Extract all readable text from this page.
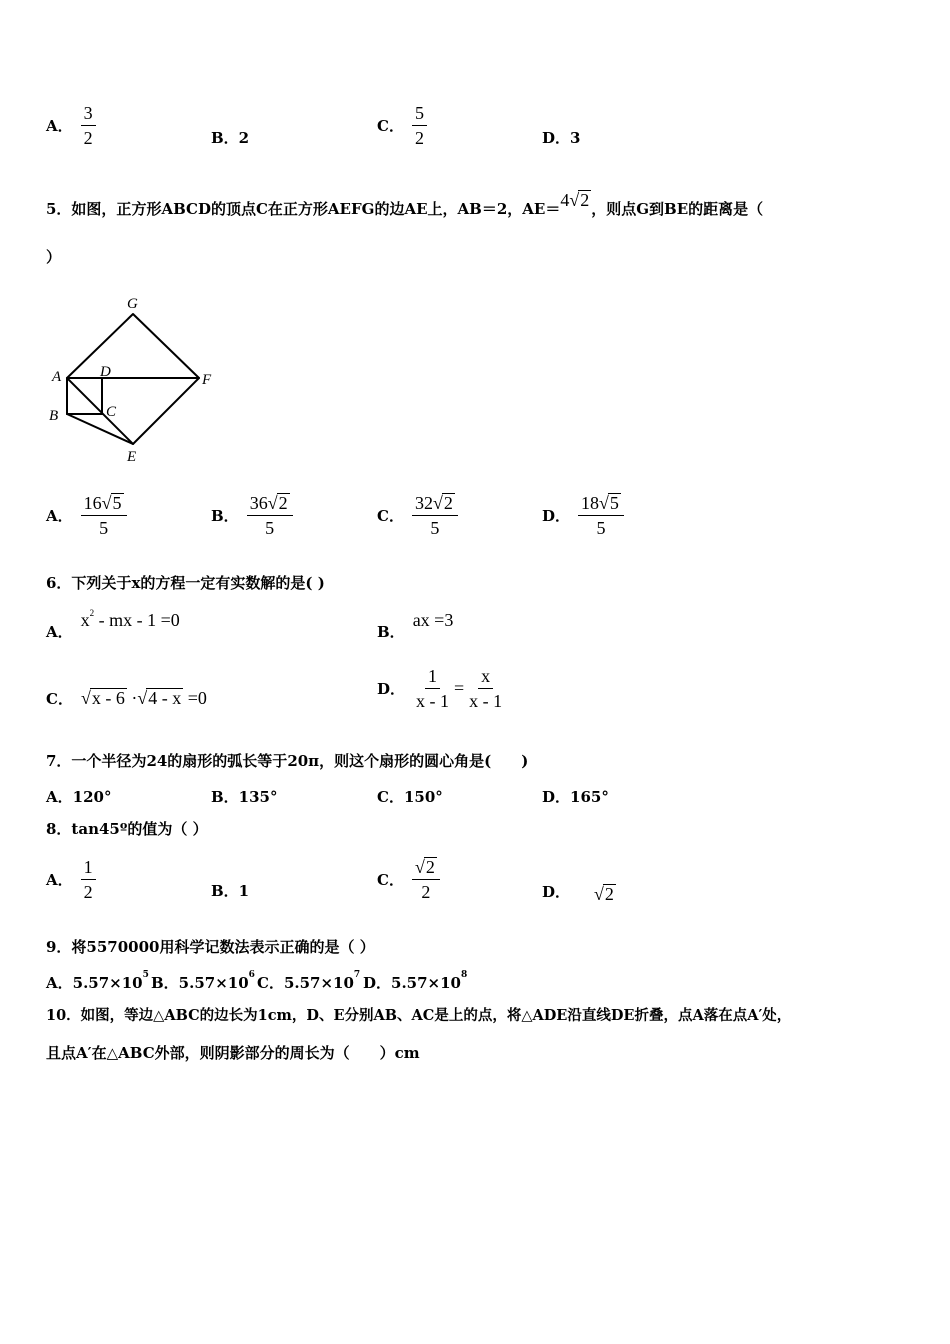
A． $\frac{3}{2}$	B．2
C． $\frac{5}{2}$	D．3
5．如图，正方形ABCD的顶点C在正方形AEFG的边AE上，AB＝2，AE＝4 √ 2 ，则点G到BE的距离是（
）
G
A	D	F
B	C
E
A． $\frac{16 √ 5}{5}$	B． $\frac{36 √ 2}{5}$	C． $\frac{32 √ 2}{5}$	D． $\frac{18 √ 5}{5}$
6．下列关于x的方程一定有实数解的是( )
A．
$x^2$ - mx - 1 =0
B．
ax =3
C． √ x - 6 · √ 4 - x =0	D． $\frac{1}{x - 1} = \frac{x}{x - 1}$
7．一个半径为24的扇形的弧长等于20π，则这个扇形的圆心角是(　　)
A．120°	B．135°	C．150°	D．165°
8．tan45º的值为（ ）
A． $\frac{1}{2}$	B．1
C． $\frac{√ 2}{2}$	D． √ 2
9．将5570000用科学记数法表示正确的是（ ）
A．$5.57\times 10^5$ B．$5.57\times 10^6$ C．$5.57\times 10^7$ D．$5.57\times 10^8$
10．如图，等边△ABC的边长为1cm，D、E分别AB、AC是上的点，将△ADE沿直线DE折叠，点A落在点A′处，
且点A′在△ABC外部，则阴影部分的周长为（　　）cm
